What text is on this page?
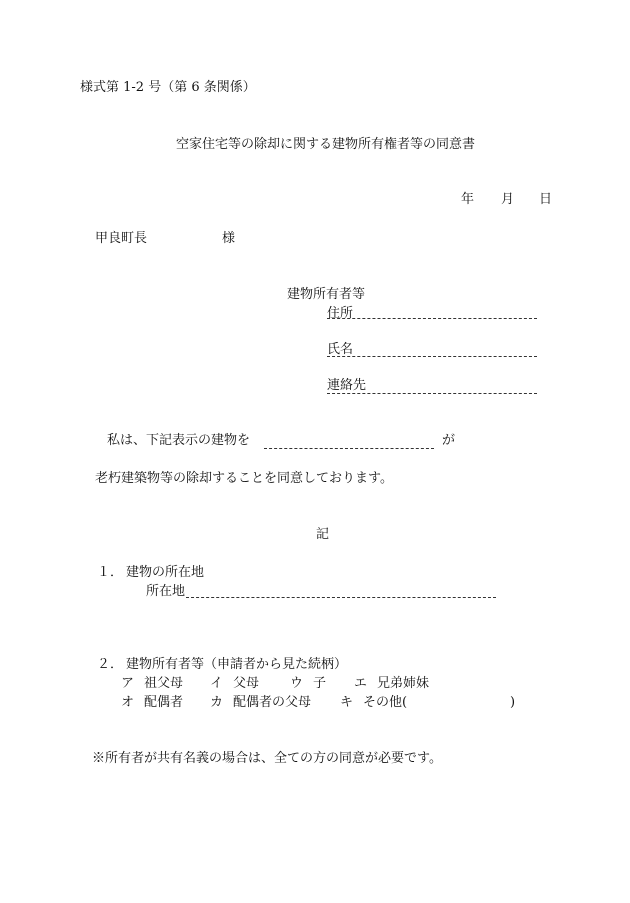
様式第 1-2 号（第 6 条関係）
空家住宅等の除却に関する建物所有権者等の同意書
年 月 日
甲良町長	様
建物所有者等
住所
氏名
連絡先
私は、下記表示の建物を	が
老朽建築物等の除却することを同意しております。
記
１． 建物の所在地
所在地
２． 建物所有者等（申請者から見た続柄）
ア 祖父母 イ 父母 ウ 子 エ 兄弟姉妹
オ 配偶者 カ 配偶者の父母 キ その他(	)
※所有者が共有名義の場合は、全ての方の同意が必要です。
